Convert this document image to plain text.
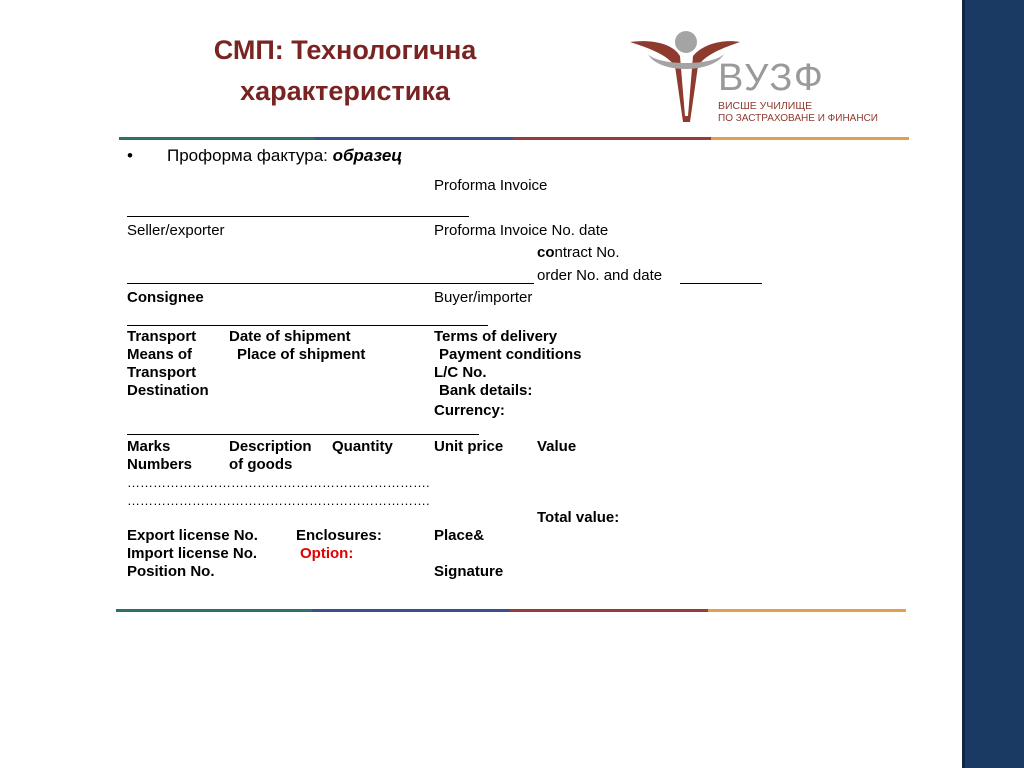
СМП: Технологична
характеристика	ВУЗФ
ВИСШЕ УЧИЛИЩЕ
ПО ЗАСТРАХОВАНЕ И ФИНАНСИ
• Проформа фактура: образец
Proforma Invoice
Seller/exporter	Proforma Invoice No. date
contract No.
order No. and date
Consignee	Buyer/importer
Transport Date of shipment	Terms of delivery
Means of	Place of shipment	Payment conditions
Transport	L/C No.
Destination	Bank details:
Currency:
Marks	Description Quantity	Unit price Value
Numbers of goods
…………………………………………………………….
…………………………………………………………….
Total value:
Export license No.	Enclosures:	Place&
Import license No.	Option:
Position No.	Signature
